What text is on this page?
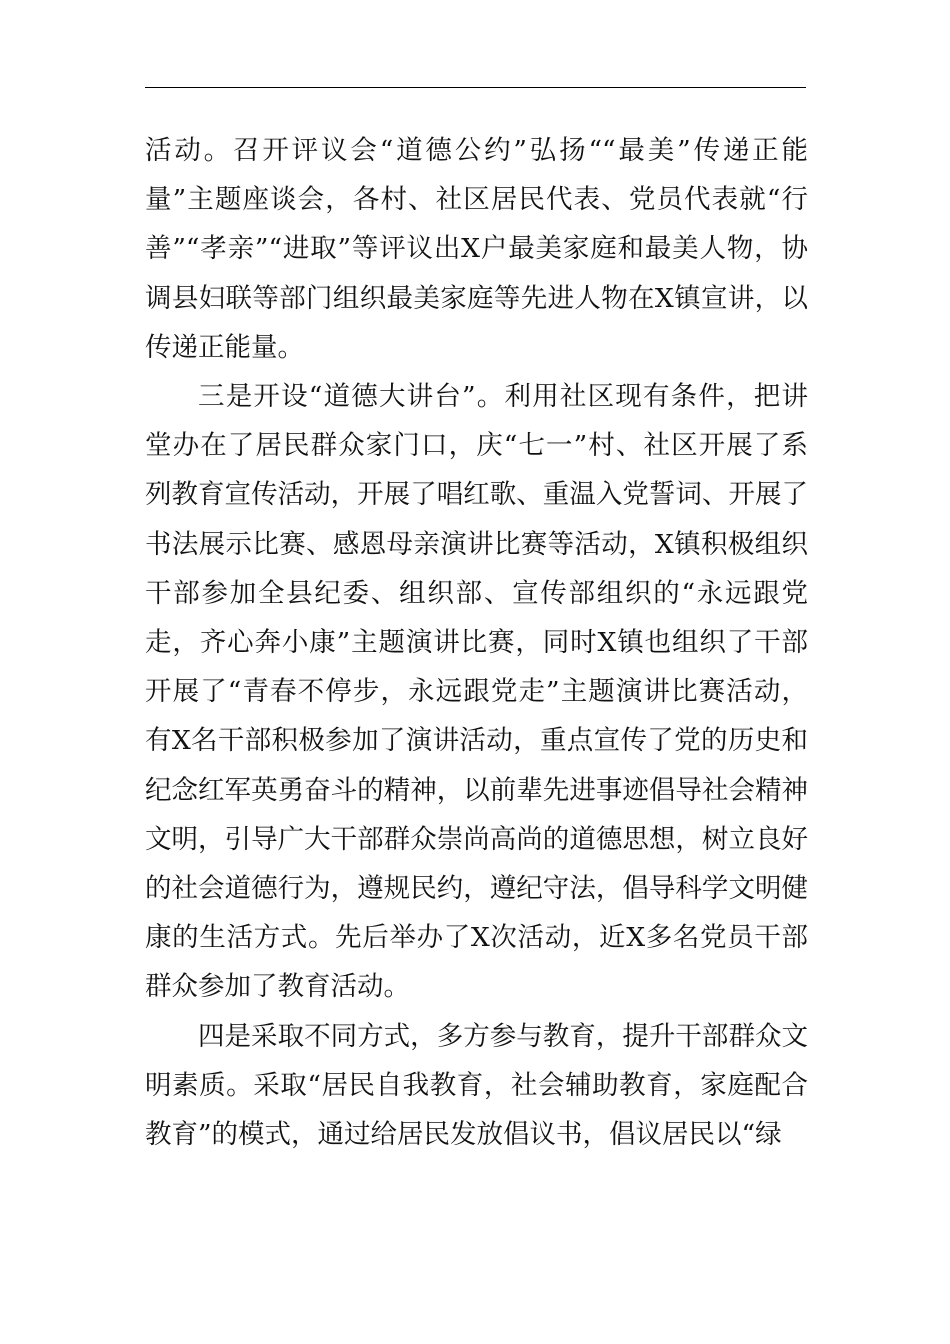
活动。召开评议会“道德公约”弘扬““最美”传递正能量”主题座谈会，各村、社区居民代表、党员代表就“行善”“孝亲”“进取”等评议出X户最美家庭和最美人物，协调县妇联等部门组织最美家庭等先进人物在X镇宣讲，以传递正能量。

三是开设“道德大讲台”。利用社区现有条件，把讲堂办在了居民群众家门口，庆“七一”村、社区开展了系列教育宣传活动，开展了唱红歌、重温入党誓词、开展了书法展示比赛、感恩母亲演讲比赛等活动，X镇积极组织干部参加全县纪委、组织部、宣传部组织的“永远跟党走，齐心奔小康”主题演讲比赛，同时X镇也组织了干部开展了“青春不停步，永远跟党走”主题演讲比赛活动，有X名干部积极参加了演讲活动，重点宣传了党的历史和纪念红军英勇奋斗的精神，以前辈先进事迹倡导社会精神文明，引导广大干部群众崇尚高尚的道德思想，树立良好的社会道德行为，遵规民约，遵纪守法，倡导科学文明健康的生活方式。先后举办了X次活动，近X多名党员干部群众参加了教育活动。

四是采取不同方式，多方参与教育，提升干部群众文明素质。采取“居民自我教育，社会辅助教育，家庭配合教育”的模式，通过给居民发放倡议书，倡议居民以“绿
